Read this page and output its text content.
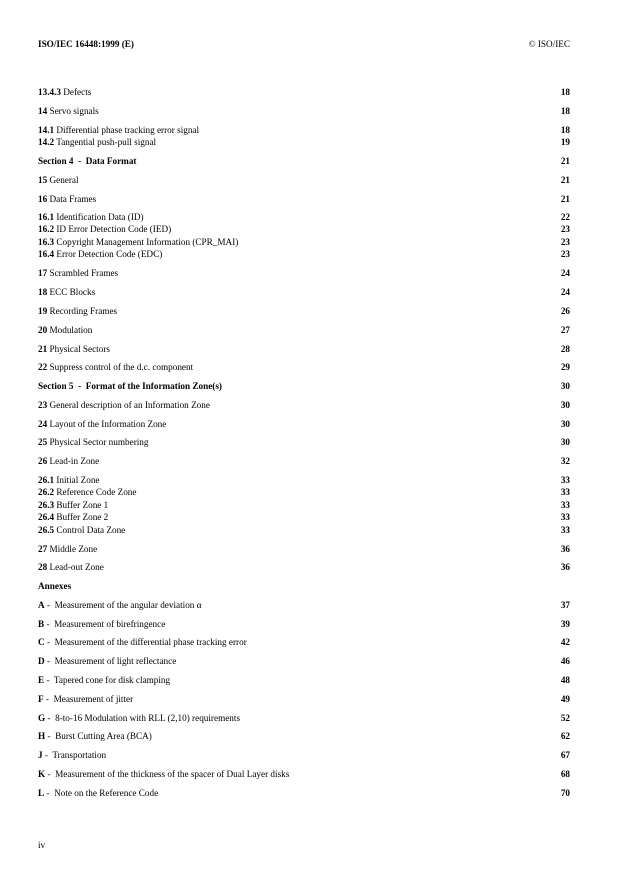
ISO/IEC 16448:1999 (E)	© ISO/IEC
13.4.3 Defects	18
14 Servo signals	18
14.1 Differential phase tracking error signal	18
14.2 Tangential push-pull signal	19
Section 4  -  Data Format	21
15 General	21
16 Data Frames	21
16.1 Identification Data (ID)	22
16.2 ID Error Detection Code (IED)	23
16.3 Copyright Management Information (CPR_MAI)	23
16.4 Error Detection Code (EDC)	23
17 Scrambled Frames	24
18 ECC Blocks	24
19 Recording Frames	26
20 Modulation	27
21 Physical Sectors	28
22 Suppress control of the d.c. component	29
Section 5  -  Format of the Information Zone(s)	30
23 General description of an Information Zone	30
24 Layout of the Information Zone	30
25 Physical Sector numbering	30
26 Lead-in Zone	32
26.1 Initial Zone	33
26.2 Reference Code Zone	33
26.3 Buffer Zone 1	33
26.4 Buffer Zone 2	33
26.5 Control Data Zone	33
27 Middle Zone	36
28 Lead-out Zone	36
Annexes
A -  Measurement of the angular deviation α	37
B -  Measurement of birefringence	39
C -  Measurement of the differential phase tracking error	42
D -  Measurement of light reflectance	46
E -  Tapered cone for disk clamping	48
F -  Measurement of jitter	49
G -  8-to-16 Modulation with RLL (2,10) requirements	52
H -  Burst Cutting Area (BCA)	62
J -  Transportation	67
K -  Measurement of the thickness of the spacer of Dual Layer disks	68
L -  Note on the Reference Code	70
iv
